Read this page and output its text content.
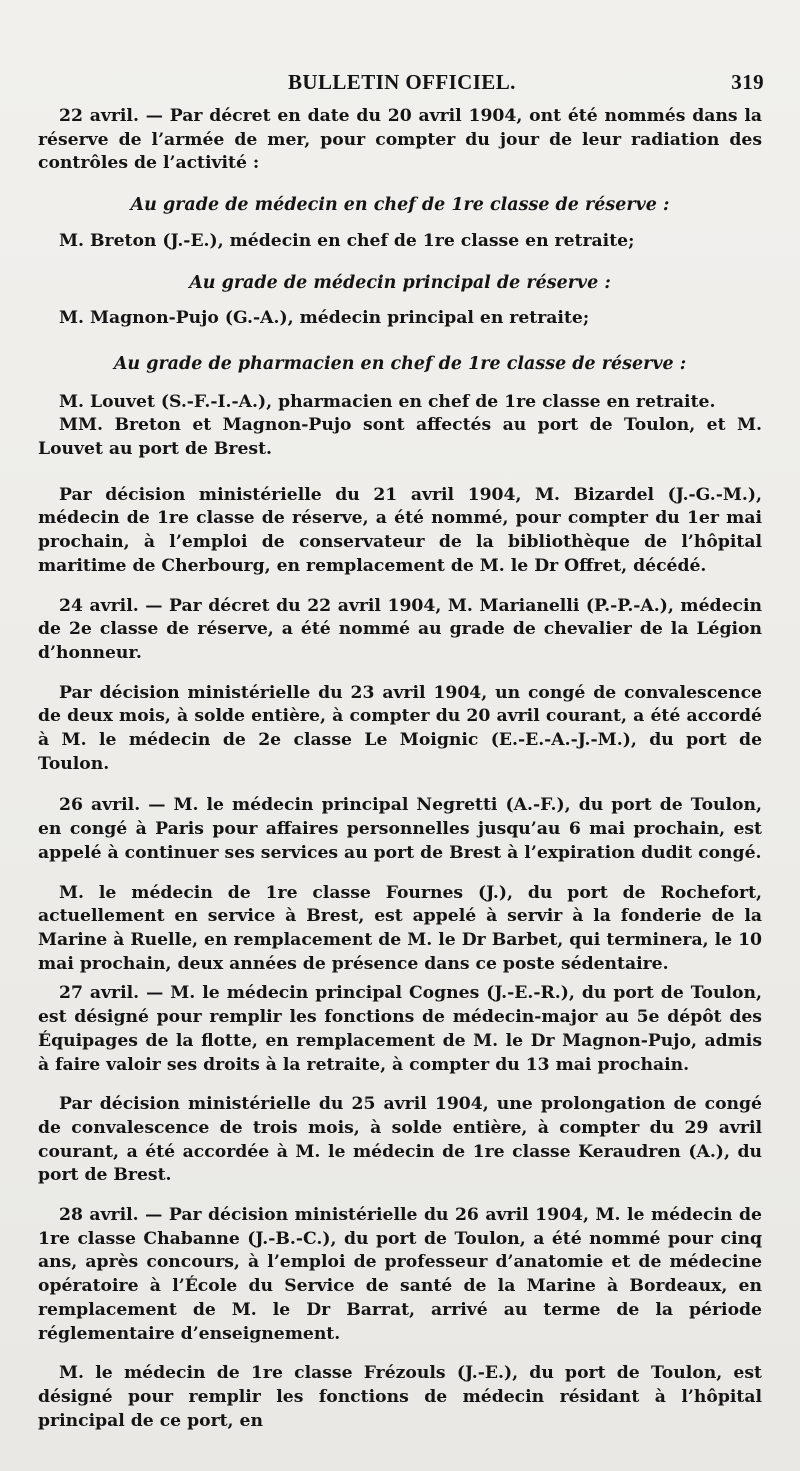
BULLETIN OFFICIEL.	319

22 avril. — Par décret en date du 20 avril 1904, ont été nommés dans la réserve de l’armée de mer, pour compter du jour de leur radiation des contrôles de l’activité :

Au grade de médecin en chef de 1re classe de réserve :

M. Breton (J.-E.), médecin en chef de 1re classe en retraite;

Au grade de médecin principal de réserve :

M. Magnon-Pujo (G.-A.), médecin principal en retraite;

Au grade de pharmacien en chef de 1re classe de réserve :

M. Louvet (S.-F.-I.-A.), pharmacien en chef de 1re classe en retraite.

MM. Breton et Magnon-Pujo sont affectés au port de Toulon, et M. Louvet au port de Brest.

Par décision ministérielle du 21 avril 1904, M. Bizardel (J.-G.-M.), médecin de 1re classe de réserve, a été nommé, pour compter du 1er mai prochain, à l’emploi de conservateur de la bibliothèque de l’hôpital maritime de Cherbourg, en remplacement de M. le Dr Offret, décédé.

24 avril. — Par décret du 22 avril 1904, M. Marianelli (P.-P.-A.), médecin de 2e classe de réserve, a été nommé au grade de chevalier de la Légion d’honneur.

Par décision ministérielle du 23 avril 1904, un congé de convalescence de deux mois, à solde entière, à compter du 20 avril courant, a été accordé à M. le médecin de 2e classe Le Moignic (E.-E.-A.-J.-M.), du port de Toulon.

26 avril. — M. le médecin principal Negretti (A.-F.), du port de Toulon, en congé à Paris pour affaires personnelles jusqu’au 6 mai prochain, est appelé à continuer ses services au port de Brest à l’expiration dudit congé.

M. le médecin de 1re classe Fournes (J.), du port de Rochefort, actuellement en service à Brest, est appelé à servir à la fonderie de la Marine à Ruelle, en remplacement de M. le Dr Barbet, qui terminera, le 10 mai prochain, deux années de présence dans ce poste sédentaire.

27 avril. — M. le médecin principal Cognes (J.-E.-R.), du port de Toulon, est désigné pour remplir les fonctions de médecin-major au 5e dépôt des Équipages de la flotte, en remplacement de M. le Dr Magnon-Pujo, admis à faire valoir ses droits à la retraite, à compter du 13 mai prochain.

Par décision ministérielle du 25 avril 1904, une prolongation de congé de convalescence de trois mois, à solde entière, à compter du 29 avril courant, a été accordée à M. le médecin de 1re classe Keraudren (A.), du port de Brest.

28 avril. — Par décision ministérielle du 26 avril 1904, M. le médecin de 1re classe Chabanne (J.-B.-C.), du port de Toulon, a été nommé pour cinq ans, après concours, à l’emploi de professeur d’anatomie et de médecine opératoire à l’École du Service de santé de la Marine à Bordeaux, en remplacement de M. le Dr Barrat, arrivé au terme de la période réglementaire d’enseignement.

M. le médecin de 1re classe Frézouls (J.-E.), du port de Toulon, est désigné pour remplir les fonctions de médecin résidant à l’hôpital principal de ce port, en
